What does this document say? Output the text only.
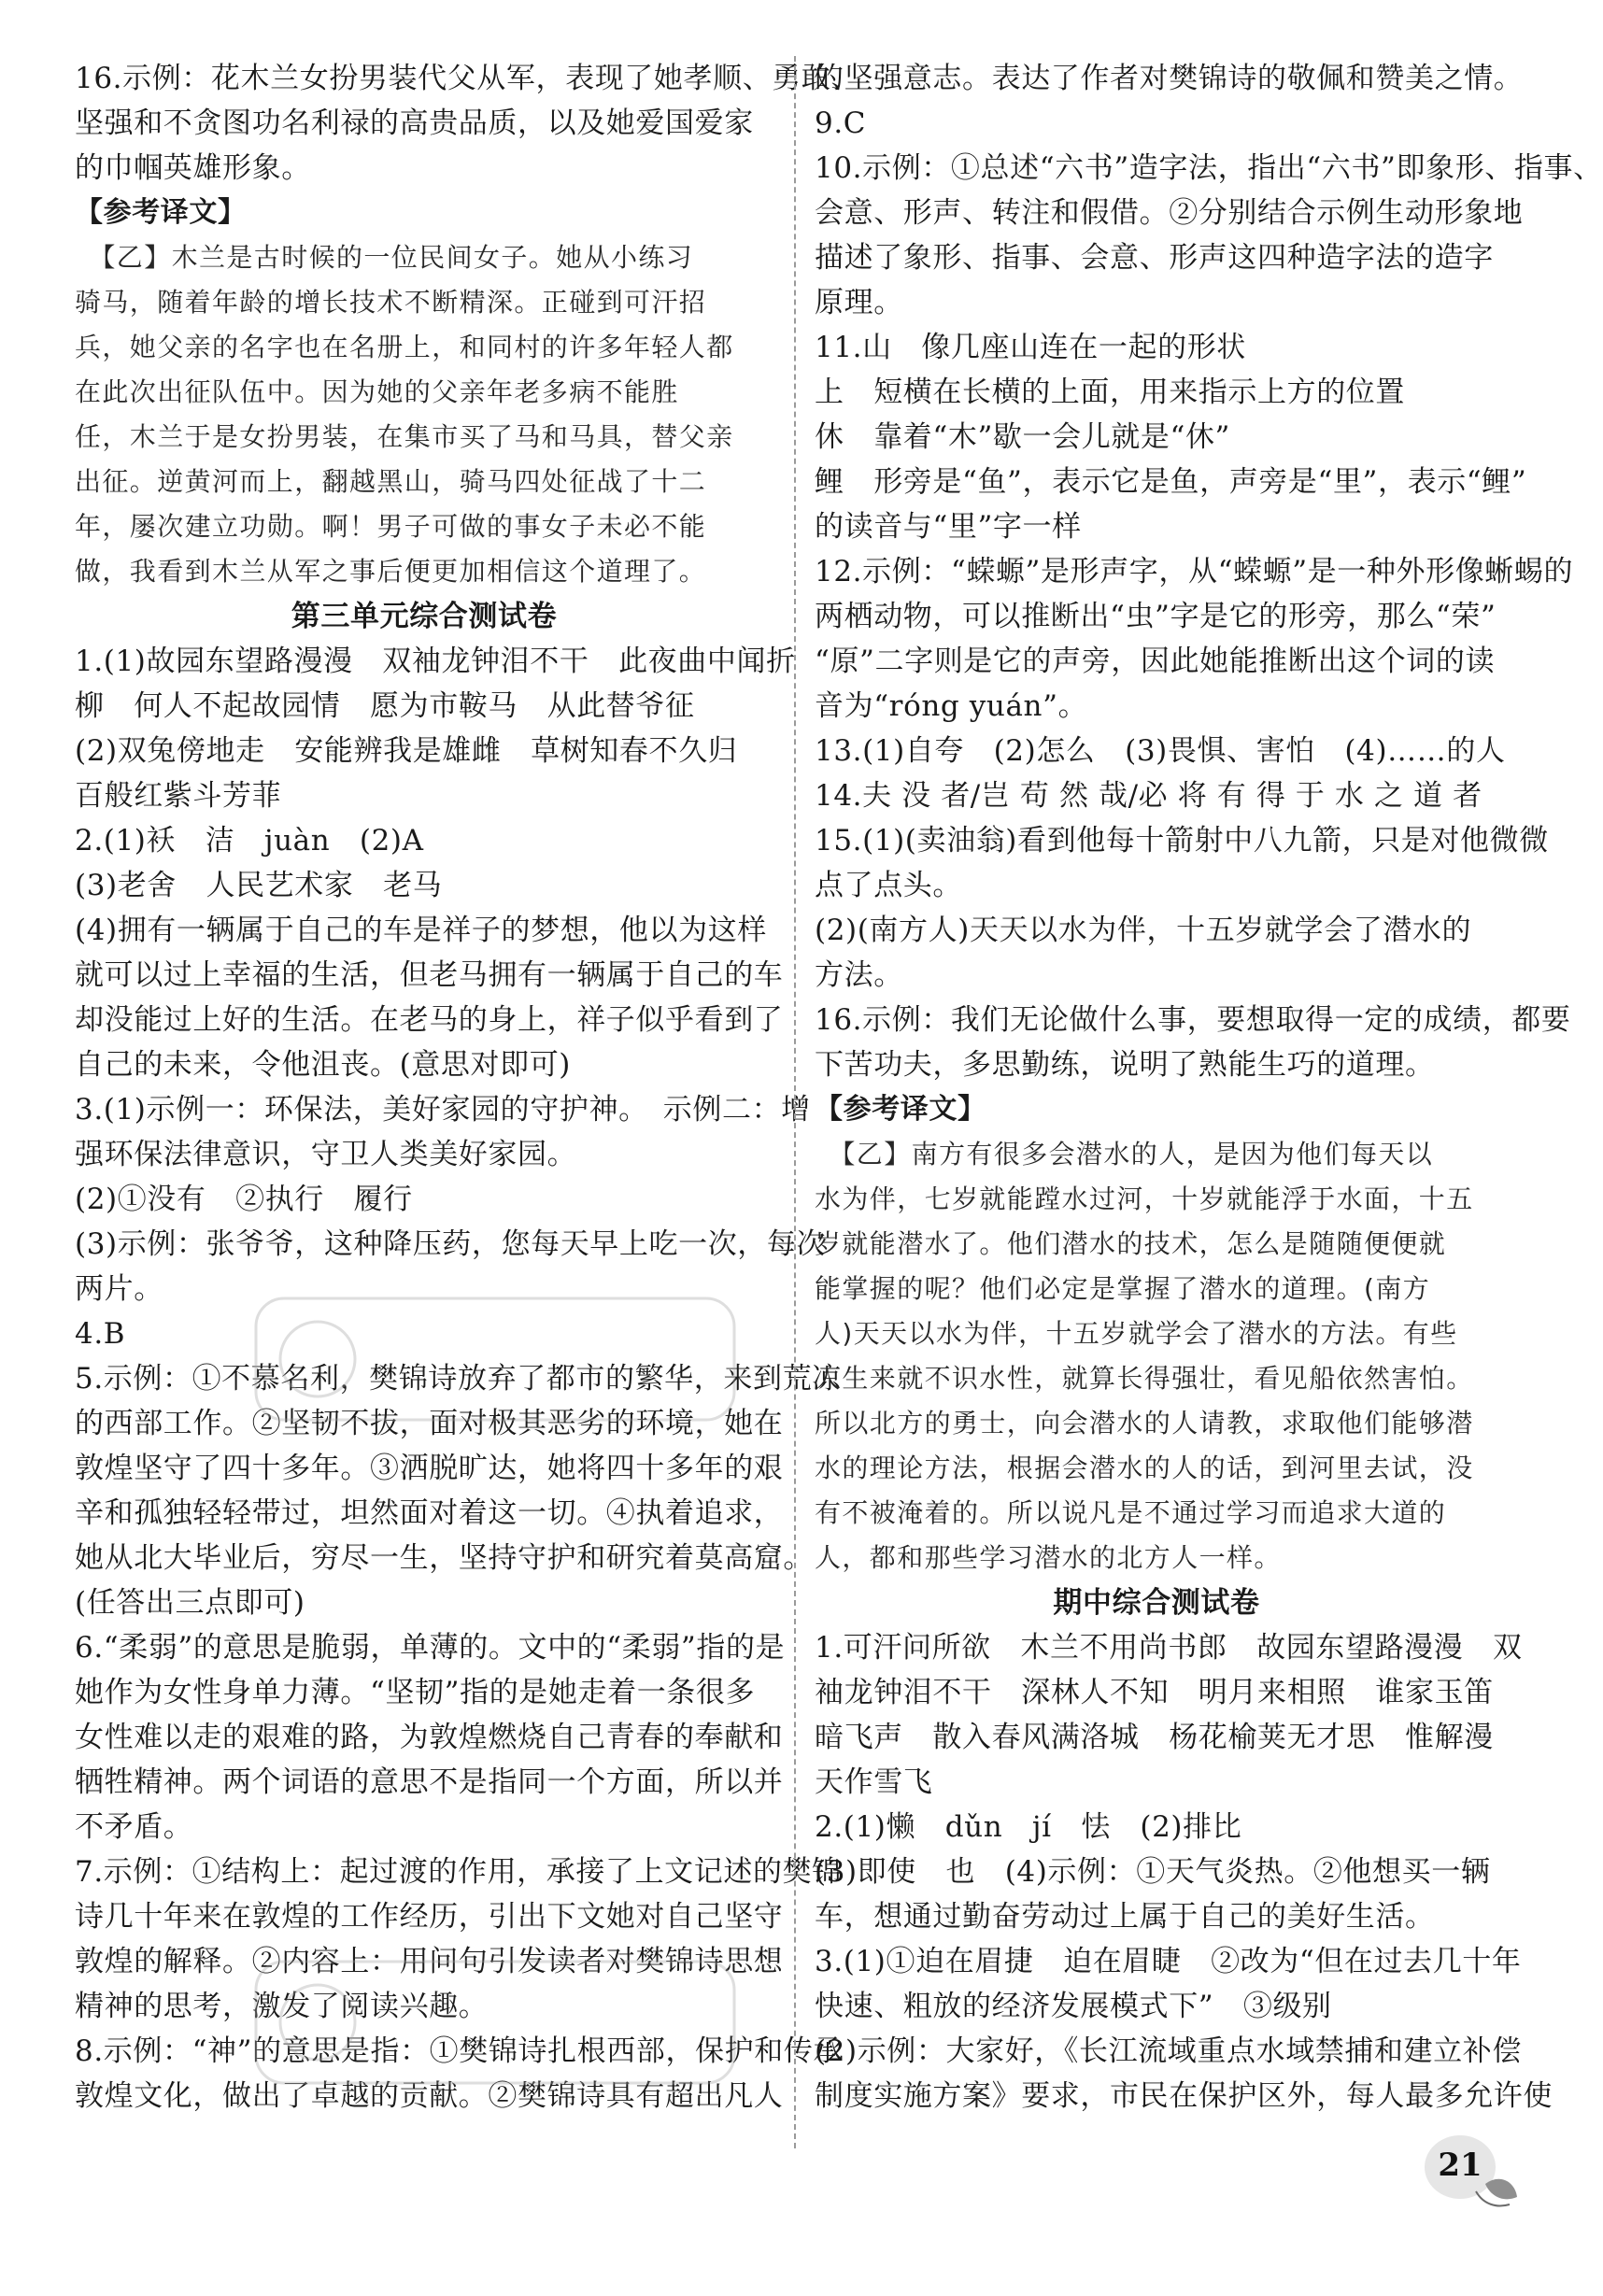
16.示例：花木兰女扮男装代父从军，表现了她孝顺、勇敢、
坚强和不贪图功名利禄的高贵品质，以及她爱国爱家
的巾帼英雄形象。
【参考译文】
　【乙】木兰是古时候的一位民间女子。她从小练习
骑马，随着年龄的增长技术不断精深。正碰到可汗招
兵，她父亲的名字也在名册上，和同村的许多年轻人都
在此次出征队伍中。因为她的父亲年老多病不能胜
任，木兰于是女扮男装，在集市买了马和马具，替父亲
出征。逆黄河而上，翻越黑山，骑马四处征战了十二
年，屡次建立功勋。啊！男子可做的事女子未必不能
做，我看到木兰从军之事后便更加相信这个道理了。
第三单元综合测试卷
1.(1)故园东望路漫漫　双袖龙钟泪不干　此夜曲中闻折
柳　何人不起故园情　愿为市鞍马　从此替爷征
(2)双兔傍地走　安能辨我是雄雌　草树知春不久归
百般红紫斗芳菲
2.(1)袄　洁　juàn　(2)A
(3)老舍　人民艺术家　老马
(4)拥有一辆属于自己的车是祥子的梦想，他以为这样
就可以过上幸福的生活，但老马拥有一辆属于自己的车
却没能过上好的生活。在老马的身上，祥子似乎看到了
自己的未来，令他沮丧。(意思对即可)
3.(1)示例一：环保法，美好家园的守护神。　示例二：增
强环保法律意识，守卫人类美好家园。
(2)①没有　②执行　履行
(3)示例：张爷爷，这种降压药，您每天早上吃一次，每次
两片。
4.B
5.示例：①不慕名利，樊锦诗放弃了都市的繁华，来到荒凉
的西部工作。②坚韧不拔，面对极其恶劣的环境，她在
敦煌坚守了四十多年。③洒脱旷达，她将四十多年的艰
辛和孤独轻轻带过，坦然面对着这一切。④执着追求，
她从北大毕业后，穷尽一生，坚持守护和研究着莫高窟。
(任答出三点即可)
6.“柔弱”的意思是脆弱，单薄的。文中的“柔弱”指的是
她作为女性身单力薄。“坚韧”指的是她走着一条很多
女性难以走的艰难的路，为敦煌燃烧自己青春的奉献和
牺牲精神。两个词语的意思不是指同一个方面，所以并
不矛盾。
7.示例：①结构上：起过渡的作用，承接了上文记述的樊锦
诗几十年来在敦煌的工作经历，引出下文她对自己坚守
敦煌的解释。②内容上：用问句引发读者对樊锦诗思想
精神的思考，激发了阅读兴趣。
8.示例：“神”的意思是指：①樊锦诗扎根西部，保护和传承
敦煌文化，做出了卓越的贡献。②樊锦诗具有超出凡人
的坚强意志。表达了作者对樊锦诗的敬佩和赞美之情。
9.C
10.示例：①总述“六书”造字法，指出“六书”即象形、指事、
会意、形声、转注和假借。②分别结合示例生动形象地
描述了象形、指事、会意、形声这四种造字法的造字
原理。
11.山　像几座山连在一起的形状
上　短横在长横的上面，用来指示上方的位置
休　靠着“木”歇一会儿就是“休”
鲤　形旁是“鱼”，表示它是鱼，声旁是“里”，表示“鲤”
的读音与“里”字一样
12.示例：“蝾螈”是形声字，从“蝾螈”是一种外形像蜥蜴的
两栖动物，可以推断出“虫”字是它的形旁，那么“荣”
“原”二字则是它的声旁，因此她能推断出这个词的读
音为“róng yuán”。
13.(1)自夸　(2)怎么　(3)畏惧、害怕　(4)……的人
14.夫 没 者/岂 苟 然 哉/必 将 有 得 于 水 之 道 者
15.(1)(卖油翁)看到他每十箭射中八九箭，只是对他微微
点了点头。
(2)(南方人)天天以水为伴，十五岁就学会了潜水的
方法。
16.示例：我们无论做什么事，要想取得一定的成绩，都要
下苦功夫，多思勤练，说明了熟能生巧的道理。
【参考译文】
　【乙】南方有很多会潜水的人，是因为他们每天以
水为伴，七岁就能蹚水过河，十岁就能浮于水面，十五
岁就能潜水了。他们潜水的技术，怎么是随随便便就
能掌握的呢？他们必定是掌握了潜水的道理。(南方
人)天天以水为伴，十五岁就学会了潜水的方法。有些
人生来就不识水性，就算长得强壮，看见船依然害怕。
所以北方的勇士，向会潜水的人请教，求取他们能够潜
水的理论方法，根据会潜水的人的话，到河里去试，没
有不被淹着的。所以说凡是不通过学习而追求大道的
人，都和那些学习潜水的北方人一样。
期中综合测试卷
1.可汗问所欲　木兰不用尚书郎　故园东望路漫漫　双
袖龙钟泪不干　深林人不知　明月来相照　谁家玉笛
暗飞声　散入春风满洛城　杨花榆荚无才思　惟解漫
天作雪飞
2.(1)懒　dǔn　jí　怯　(2)排比
(3)即使　也　(4)示例：①天气炎热。②他想买一辆
车，想通过勤奋劳动过上属于自己的美好生活。
3.(1)①迫在眉捷　迫在眉睫　②改为“但在过去几十年
快速、粗放的经济发展模式下”　③级别
(2)示例：大家好，《长江流域重点水域禁捕和建立补偿
制度实施方案》要求，市民在保护区外，每人最多允许使
21
